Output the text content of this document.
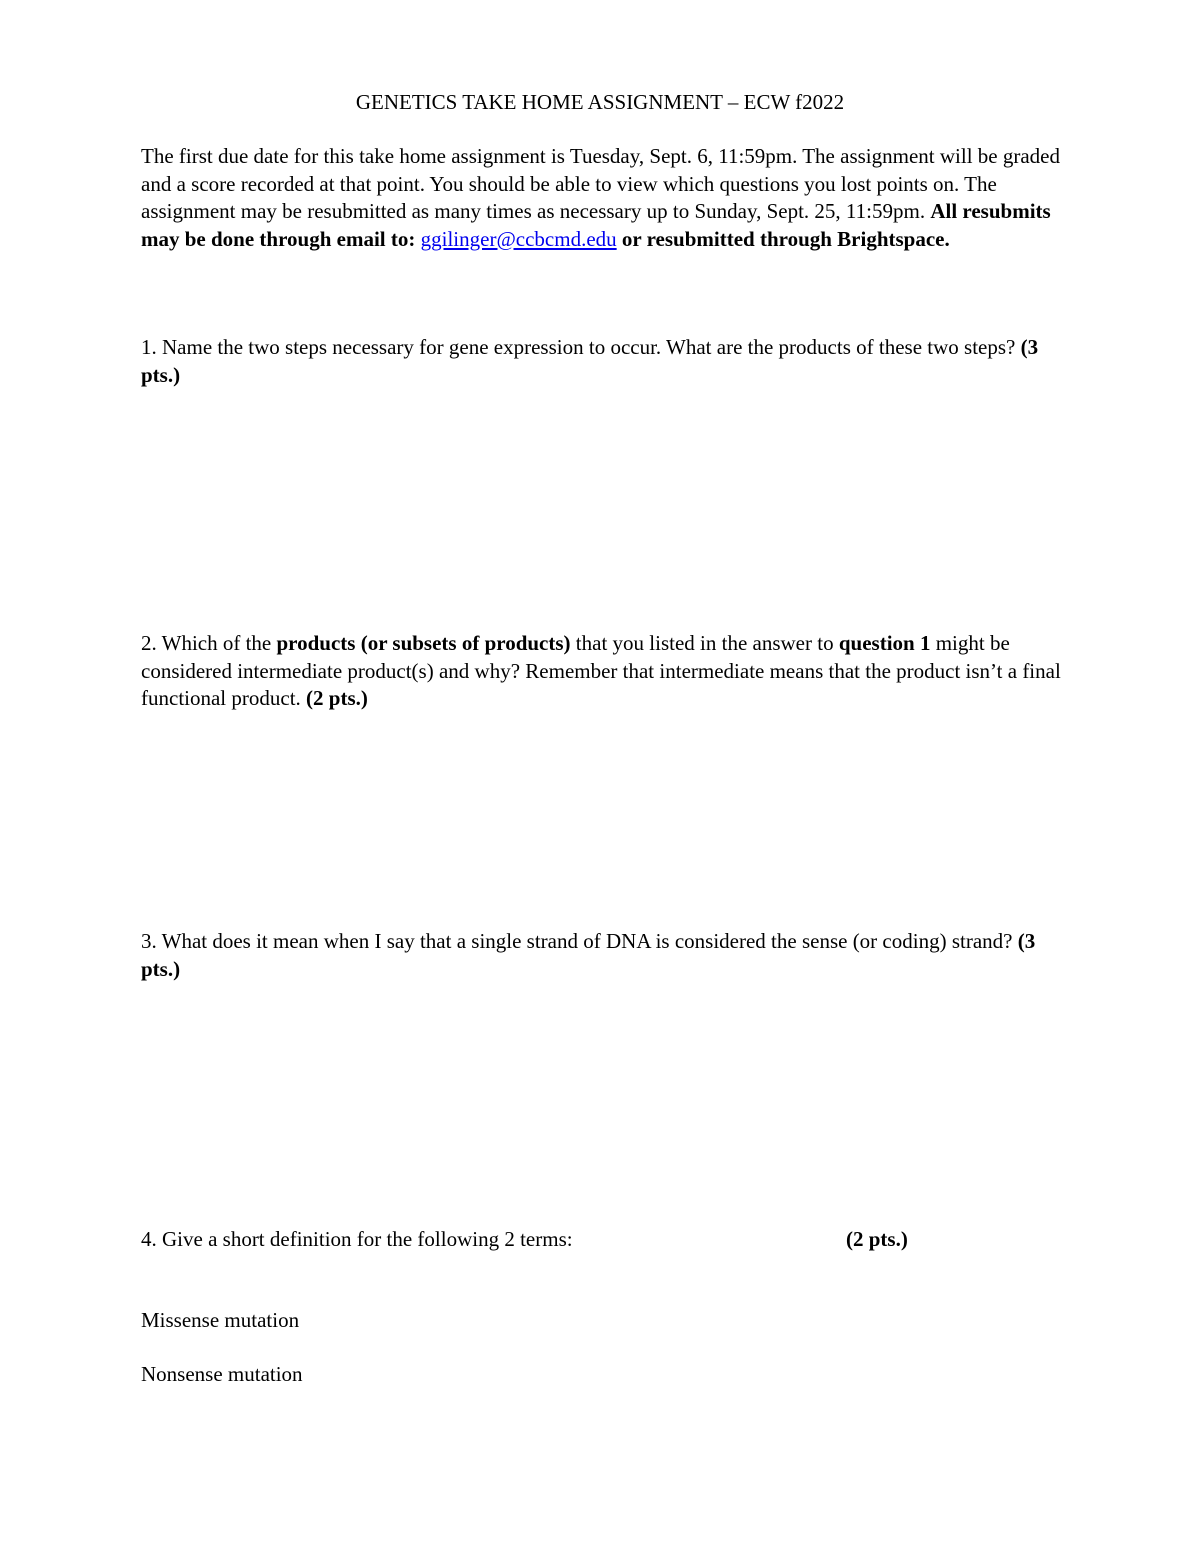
GENETICS TAKE HOME ASSIGNMENT – ECW f2022
The first due date for this take home assignment is Tuesday, Sept. 6, 11:59pm. The assignment will be graded and a score recorded at that point. You should be able to view which questions you lost points on. The assignment may be resubmitted as many times as necessary up to Sunday, Sept. 25, 11:59pm. All resubmits may be done through email to: ggilinger@ccbcmd.edu or resubmitted through Brightspace.
1. Name the two steps necessary for gene expression to occur. What are the products of these two steps? (3 pts.)
2. Which of the products (or subsets of products) that you listed in the answer to question 1 might be considered intermediate product(s) and why? Remember that intermediate means that the product isn’t a final functional product. (2 pts.)
3. What does it mean when I say that a single strand of DNA is considered the sense (or coding) strand? (3 pts.)
4. Give a short definition for the following 2 terms:	(2 pts.)
Missense mutation
Nonsense mutation
